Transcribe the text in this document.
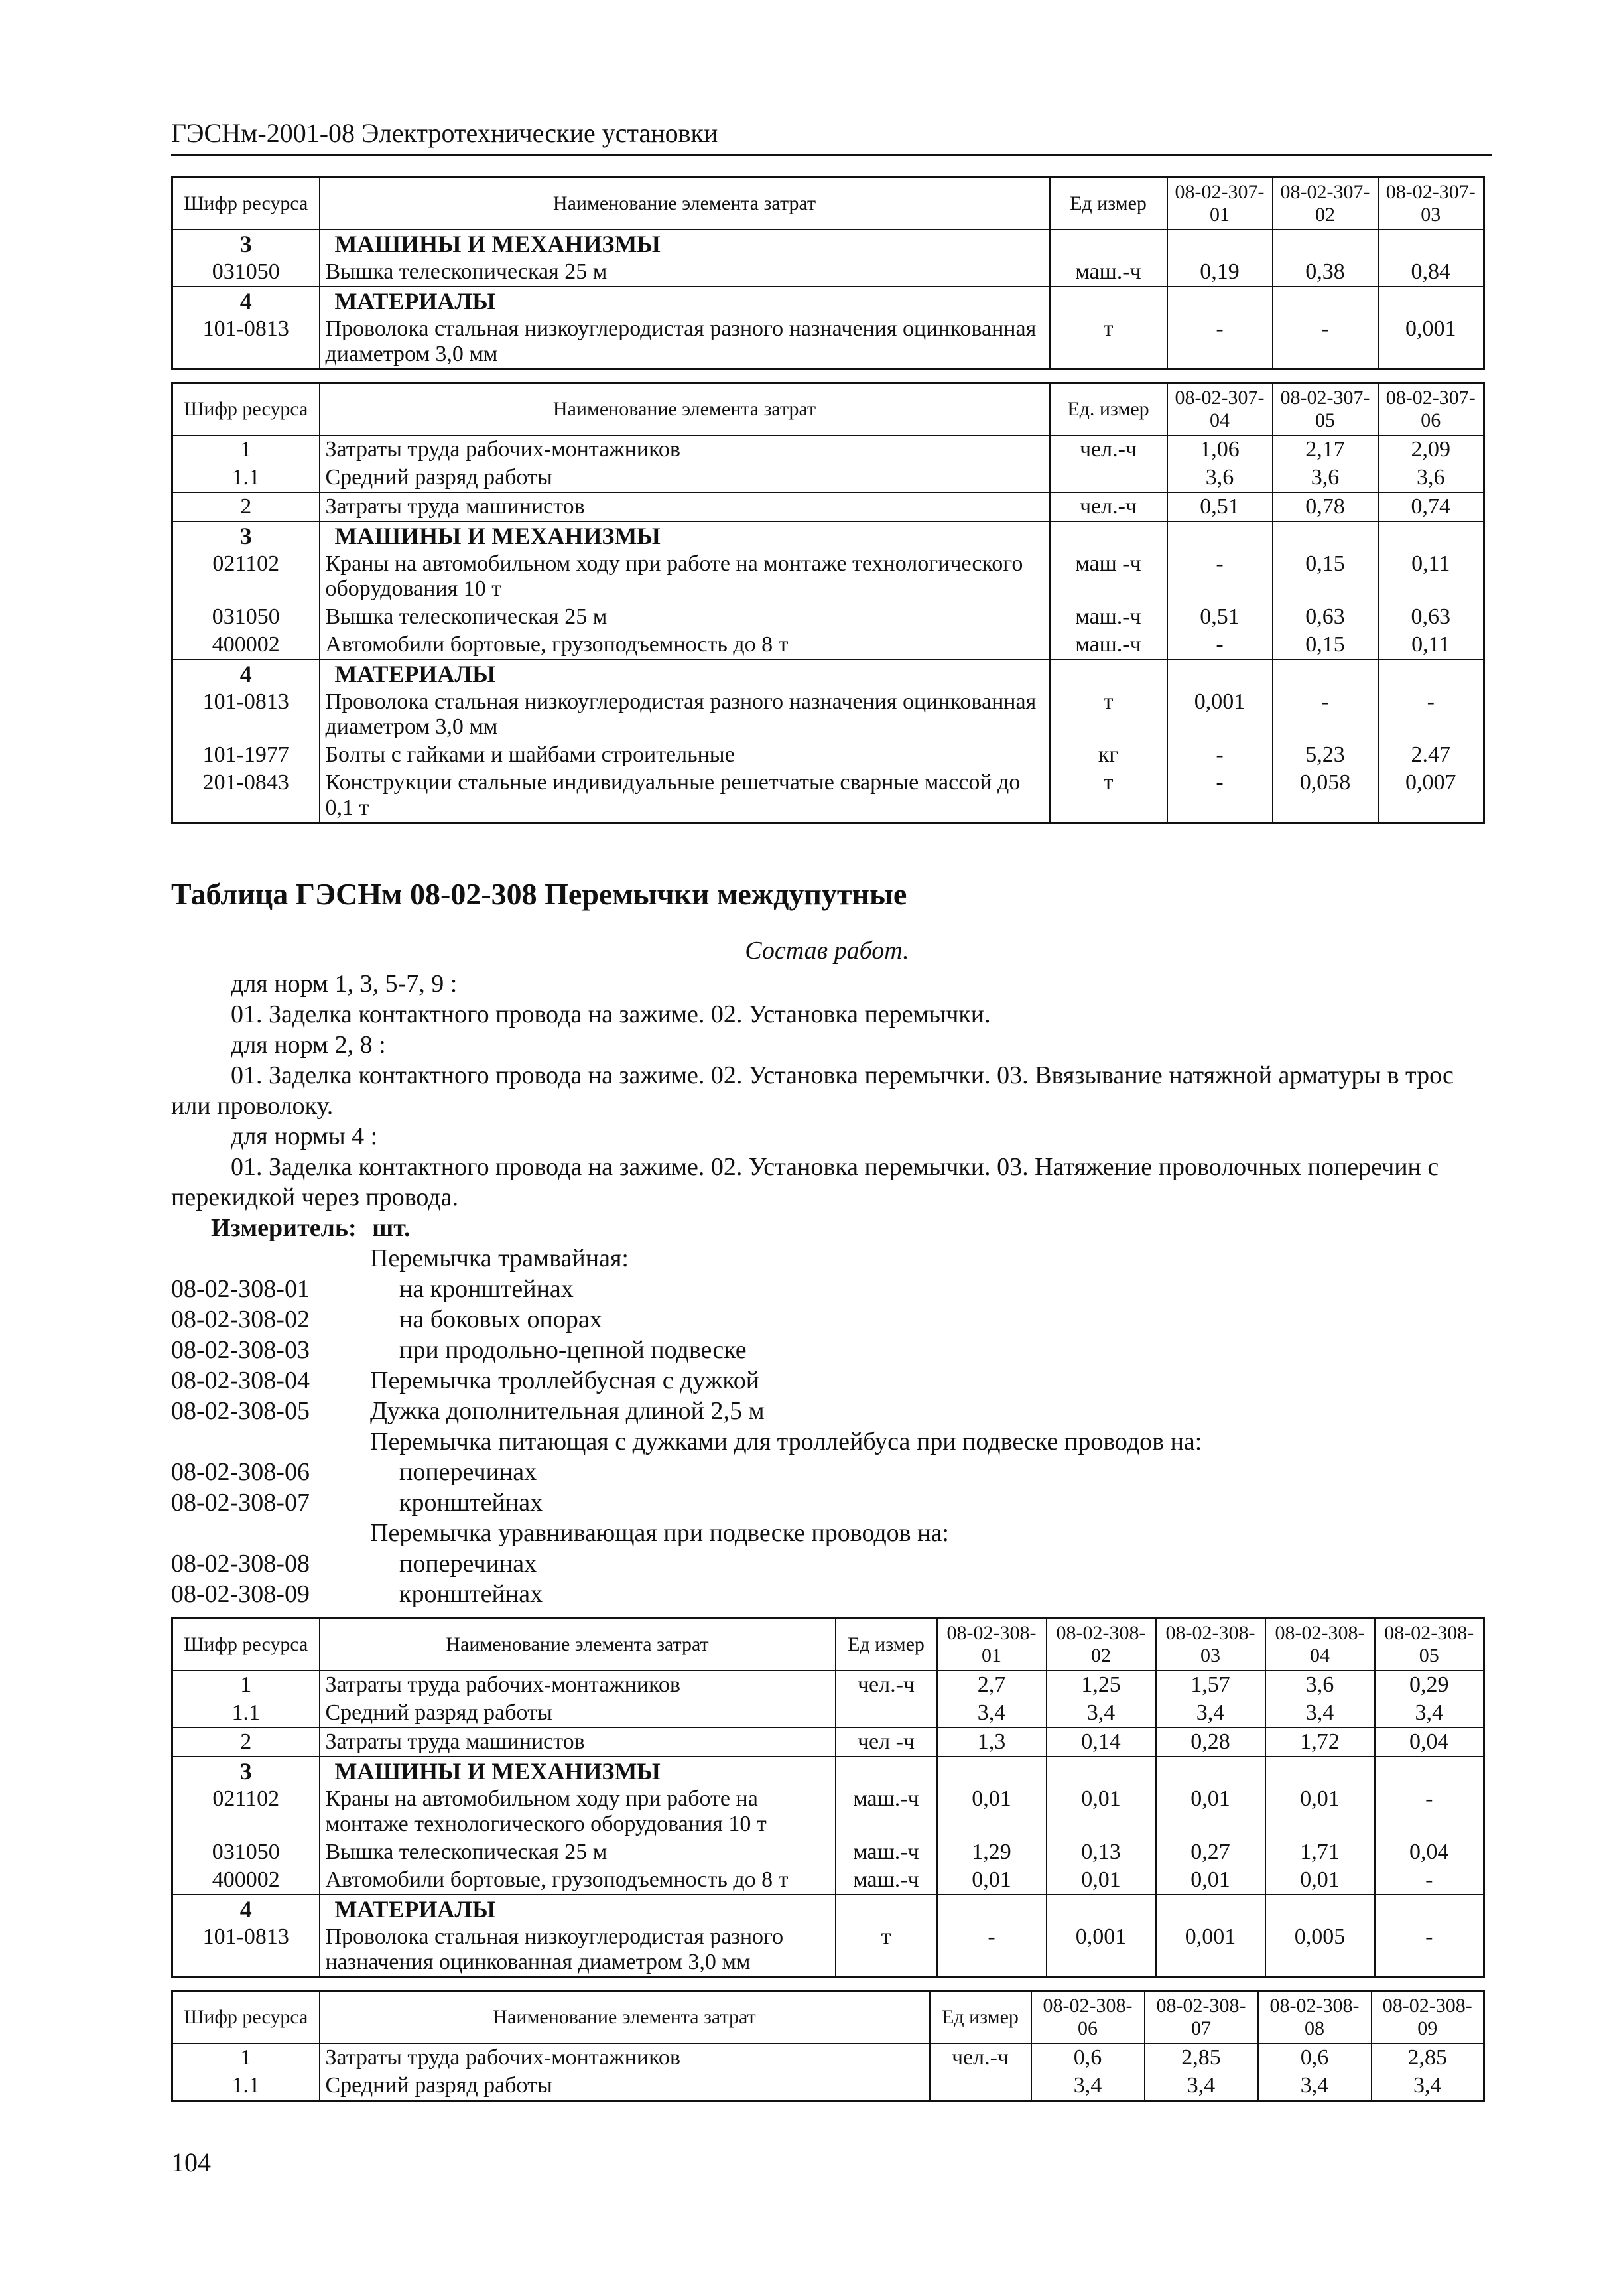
ГЭСНм-2001-08 Электротехнические установки
Шифр ресурса	Наименование элемента затрат	Ед измер	08-02-307-01	08-02-307-02	08-02-307-03
3	МАШИНЫ И МЕХАНИЗМЫ				
031050	Вышка телескопическая 25 м	маш.-ч	0,19	0,38	0,84
4	МАТЕРИАЛЫ				
101-0813	Проволока стальная низкоуглеродистая разного назначения оцинкованная диаметром 3,0 мм	т	-	-	0,001
Шифр ресурса	Наименование элемента затрат	Ед. измер	08-02-307-04	08-02-307-05	08-02-307-06
1	Затраты труда рабочих-монтажников	чел.-ч	1,06	2,17	2,09
1.1	Средний разряд работы		3,6	3,6	3,6
2	Затраты труда машинистов	чел.-ч	0,51	0,78	0,74
3	МАШИНЫ И МЕХАНИЗМЫ				
021102	Краны на автомобильном ходу при работе на монтаже технологического оборудования 10 т	маш -ч	-	0,15	0,11
031050	Вышка телескопическая 25 м	маш.-ч	0,51	0,63	0,63
400002	Автомобили бортовые, грузоподъемность до 8 т	маш.-ч	-	0,15	0,11
4	МАТЕРИАЛЫ				
101-0813	Проволока стальная низкоуглеродистая разного назначения оцинкованная диаметром 3,0 мм	т	0,001	-	-
101-1977	Болты с гайками и шайбами строительные	кг	-	5,23	2.47
201-0843	Конструкции стальные индивидуальные решетчатые сварные массой до 0,1 т	т	-	0,058	0,007
Таблица ГЭСНм 08-02-308 Перемычки междупутные
Состав работ.
для норм 1, 3, 5-7, 9 :
01. Заделка контактного провода на зажиме. 02. Установка перемычки.
для норм 2, 8 :
01. Заделка контактного провода на зажиме. 02. Установка перемычки. 03. Ввязывание натяжной арматуры в трос или проволоку.
для нормы 4 :
01. Заделка контактного провода на зажиме. 02. Установка перемычки. 03. Натяжение проволочных поперечин с перекидкой через провода.
Измеритель: шт.
Перемычка трамвайная:
08-02-308-01	на кронштейнах
08-02-308-02	на боковых опорах
08-02-308-03	при продольно-цепной подвеске
08-02-308-04 Перемычка троллейбусная с дужкой
08-02-308-05 Дужка дополнительная длиной 2,5 м
Перемычка питающая с дужками для троллейбуса при подвеске проводов на:
08-02-308-06	поперечинах
08-02-308-07	кронштейнах
Перемычка уравнивающая при подвеске проводов на:
08-02-308-08	поперечинах
08-02-308-09	кронштейнах
Шифр ресурса	Наименование элемента затрат	Ед измер	08-02-308-01	08-02-308-02	08-02-308-03	08-02-308-04	08-02-308-05
1	Затраты труда рабочих-монтажников	чел.-ч	2,7	1,25	1,57	3,6	0,29
1.1	Средний разряд работы		3,4	3,4	3,4	3,4	3,4
2	Затраты труда машинистов	чел -ч	1,3	0,14	0,28	1,72	0,04
3	МАШИНЫ И МЕХАНИЗМЫ						
021102	Краны на автомобильном ходу при работе на монтаже технологического оборудования 10 т	маш.-ч	0,01	0,01	0,01	0,01	-
031050	Вышка телескопическая 25 м	маш.-ч	1,29	0,13	0,27	1,71	0,04
400002	Автомобили бортовые, грузоподъемность до 8 т	маш.-ч	0,01	0,01	0,01	0,01	-
4	МАТЕРИАЛЫ						
101-0813	Проволока стальная низкоуглеродистая разного назначения оцинкованная диаметром 3,0 мм	т	-	0,001	0,001	0,005	-
Шифр ресурса	Наименование элемента затрат	Ед измер	08-02-308-06	08-02-308-07	08-02-308-08	08-02-308-09
1	Затраты труда рабочих-монтажников	чел.-ч	0,6	2,85	0,6	2,85
1.1	Средний разряд работы		3,4	3,4	3,4	3,4
104
